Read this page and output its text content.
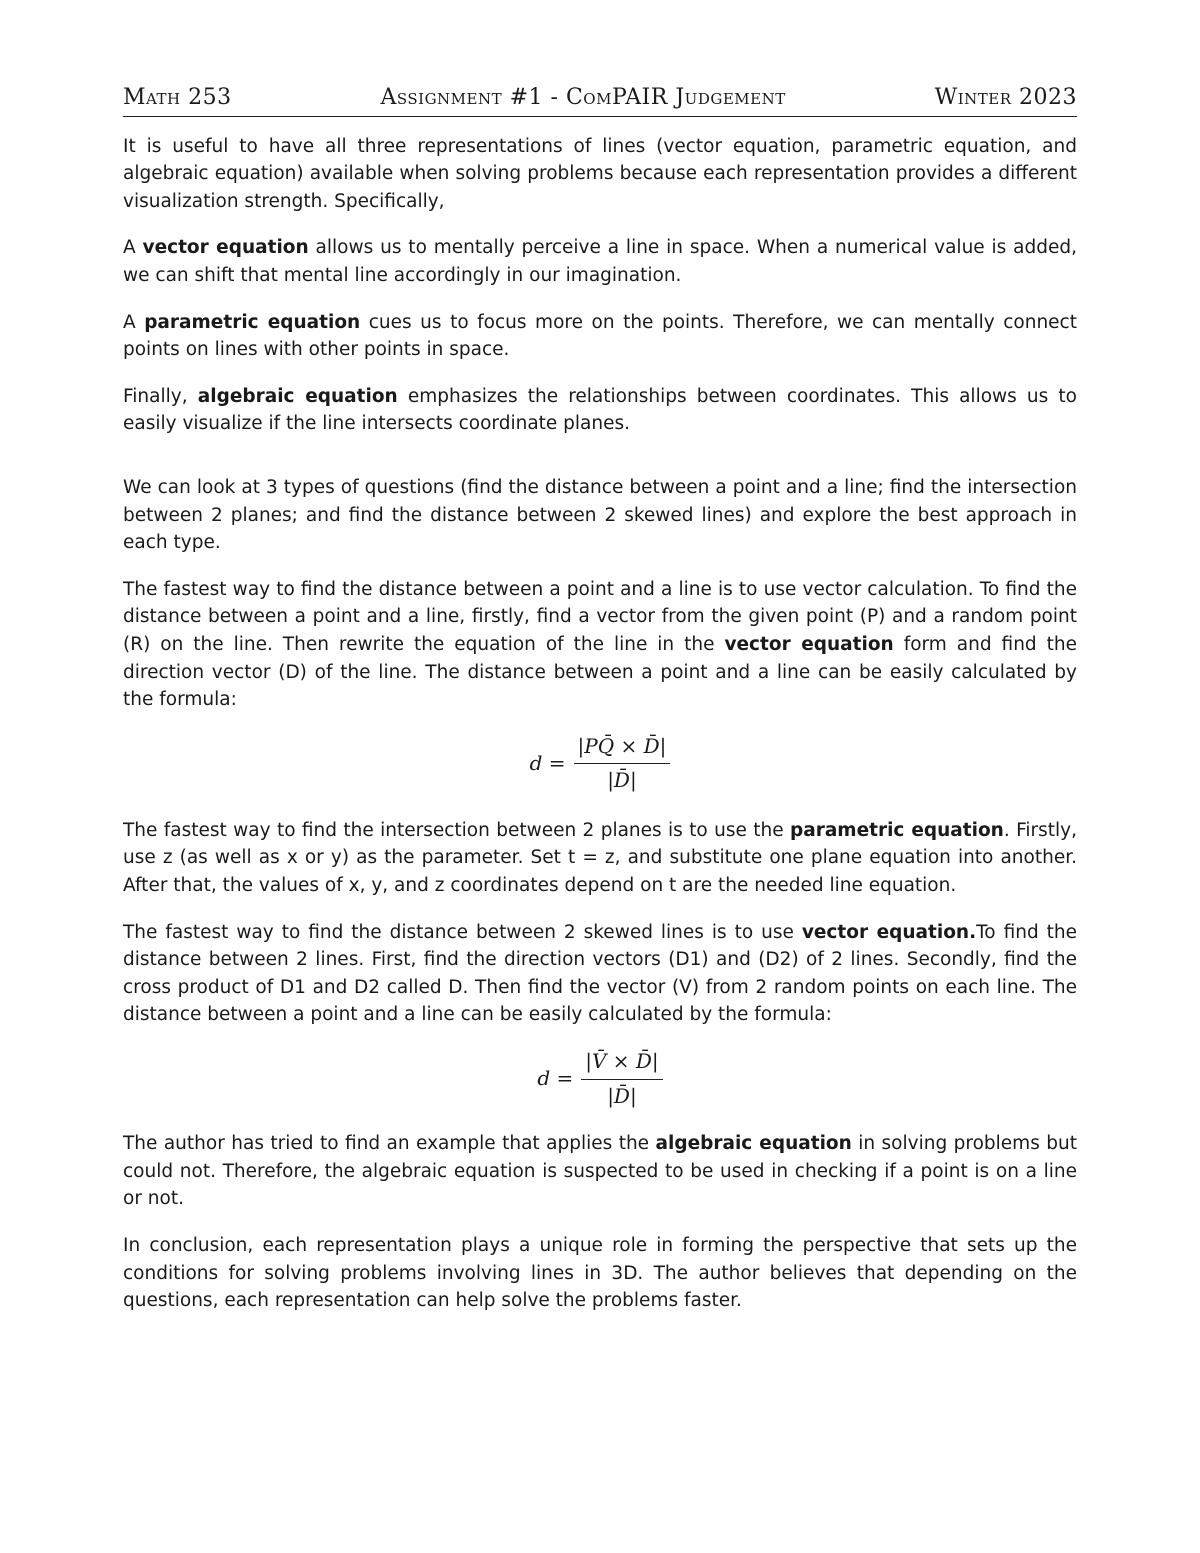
Math 253	Assignment #1 - ComPAIR Judgement	Winter 2023

It is useful to have all three representations of lines (vector equation, parametric equation, and algebraic equation) available when solving problems because each representation provides a different visualization strength. Specifically,

A vector equation allows us to mentally perceive a line in space. When a numerical value is added, we can shift that mental line accordingly in our imagination.

A parametric equation cues us to focus more on the points. Therefore, we can mentally connect points on lines with other points in space.

Finally, algebraic equation emphasizes the relationships between coordinates. This allows us to easily visualize if the line intersects coordinate planes.

We can look at 3 types of questions (find the distance between a point and a line; find the intersection between 2 planes; and find the distance between 2 skewed lines) and explore the best approach in each type.

The fastest way to find the distance between a point and a line is to use vector calculation. To find the distance between a point and a line, firstly, find a vector from the given point (P) and a random point (R) on the line. Then rewrite the equation of the line in the vector equation form and find the direction vector (D) of the line. The distance between a point and a line can be easily calculated by the formula:

$d = \frac{|PQ̄ \times D̄|}{|D̄|}$

The fastest way to find the intersection between 2 planes is to use the parametric equation. Firstly, use z (as well as x or y) as the parameter. Set t = z, and substitute one plane equation into another. After that, the values of x, y, and z coordinates depend on t are the needed line equation.

The fastest way to find the distance between 2 skewed lines is to use vector equation.To find the distance between 2 lines. First, find the direction vectors (D1) and (D2) of 2 lines. Secondly, find the cross product of D1 and D2 called D. Then find the vector (V) from 2 random points on each line. The distance between a point and a line can be easily calculated by the formula:

$d = \frac{|V̄ \times D̄|}{|D̄|}$

The author has tried to find an example that applies the algebraic equation in solving problems but could not. Therefore, the algebraic equation is suspected to be used in checking if a point is on a line or not.

In conclusion, each representation plays a unique role in forming the perspective that sets up the conditions for solving problems involving lines in 3D. The author believes that depending on the questions, each representation can help solve the problems faster.
